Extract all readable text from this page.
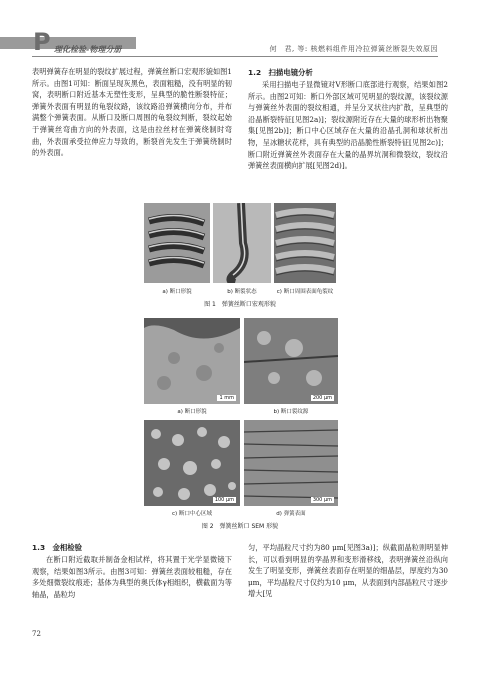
P 理化检验-物理分册	何　君, 等: 核燃料组件用冷拉弹簧丝断裂失效原因

表明弹簧存在明显的裂纹扩展过程，弹簧丝断口宏观形貌如图1所示。由图1可知：断面呈现灰黑色，表面粗糙，没有明显的韧窝，表明断口附近基本无塑性变形，呈典型的脆性断裂特征；弹簧外表面有明显的龟裂纹路，该纹路沿弹簧横向分布，并布满整个弹簧表面。从断口及断口周围的龟裂纹判断，裂纹起始于弹簧丝弯曲方向的外表面，这是由拉丝材在弹簧绕制时弯曲，外表面承受拉伸应力导致的，断裂首先发生于弹簧绕制时的外表面。

1.2　扫描电镜分析

采用扫描电子显微镜对V形断口底部进行观察，结果如图2所示。由图2可知：断口外部区域可见明显的裂纹源，该裂纹源与弹簧丝外表面的裂纹相通，并呈分叉状往内扩散，呈典型的沿晶断裂特征[见图2a)]；裂纹源附近存在大量的球形析出物聚集[见图2b)]；断口中心区域存在大量的沿晶孔洞和球状析出物，呈冰糖状花样，具有典型的沿晶脆性断裂特征[见图2c)]；断口附近弹簧丝外表面存在大量的晶界坑洞和微裂纹，裂纹沿弹簧丝表面横向扩展[见图2d)]。

a) 断口形貌	b) 断裂状态	c) 断口周围表面龟裂纹
图 1　弹簧丝断口宏观形貌
1 mm	200 μm
a) 断口形貌	b) 断口裂纹源
100 μm	300 μm
c) 断口中心区域	d) 弹簧表面
图 2　弹簧丝断口 SEM 形貌
1.3　金相检验

在断口附近截取并制备金相试样，将其置于光学显微镜下观察，结果如图3所示。由图3可知：弹簧丝表面较粗糙，存在多处细微裂纹痕迹；基体为典型的奥氏体γ相组织，横截面为等轴晶，晶粒均

匀，平均晶粒尺寸约为80 μm[见图3a)]；纵截面晶粒则明显伸长，可以看到明显的孪晶界和变形滑移线，表明弹簧丝沿纵向发生了明显变形，弹簧丝表面存在明显的细晶层，厚度约为30 μm，平均晶粒尺寸仅约为10 μm，从表面到内部晶粒尺寸逐步增大[见

72
